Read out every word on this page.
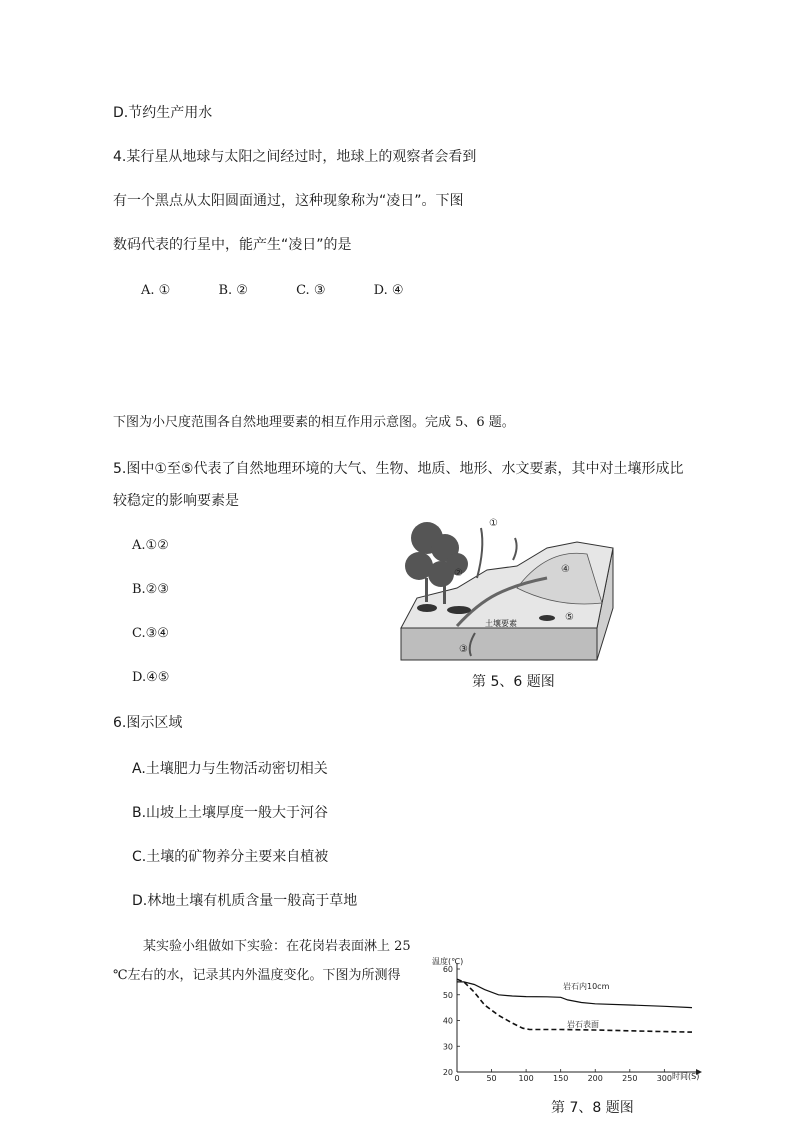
D.节约生产用水
4.某行星从地球与太阳之间经过时，地球上的观察者会看到
有一个黑点从太阳圆面通过，这种现象称为“凌日”。下图
数码代表的行星中，能产生“凌日”的是
A. ①	B. ②	C. ③	D. ④
下图为小尺度范围各自然地理要素的相互作用示意图。完成 5、6 题。
5.图中①至⑤代表了自然地理环境的大气、生物、地质、地形、水文要素，其中对土壤形成比
较稳定的影响要素是
A.①②
B.②③
C.③④
D.④⑤
①
②
③
④
⑤
土壤要素
第 5、6 题图
6.图示区域
A.土壤肥力与生物活动密切相关
B.山坡上土壤厚度一般大于河谷
C.土壤的矿物养分主要来自植被
D.林地土壤有机质含量一般高于草地
某实验小组做如下实验：在花岗岩表面淋上 25
℃左右的水，记录其内外温度变化。下图为所测得
20
30
40
50
60
0	50	100 150 200 250 300
温度(℃)
时间(S)
岩石内10cm
岩石表面
第 7、8 题图
